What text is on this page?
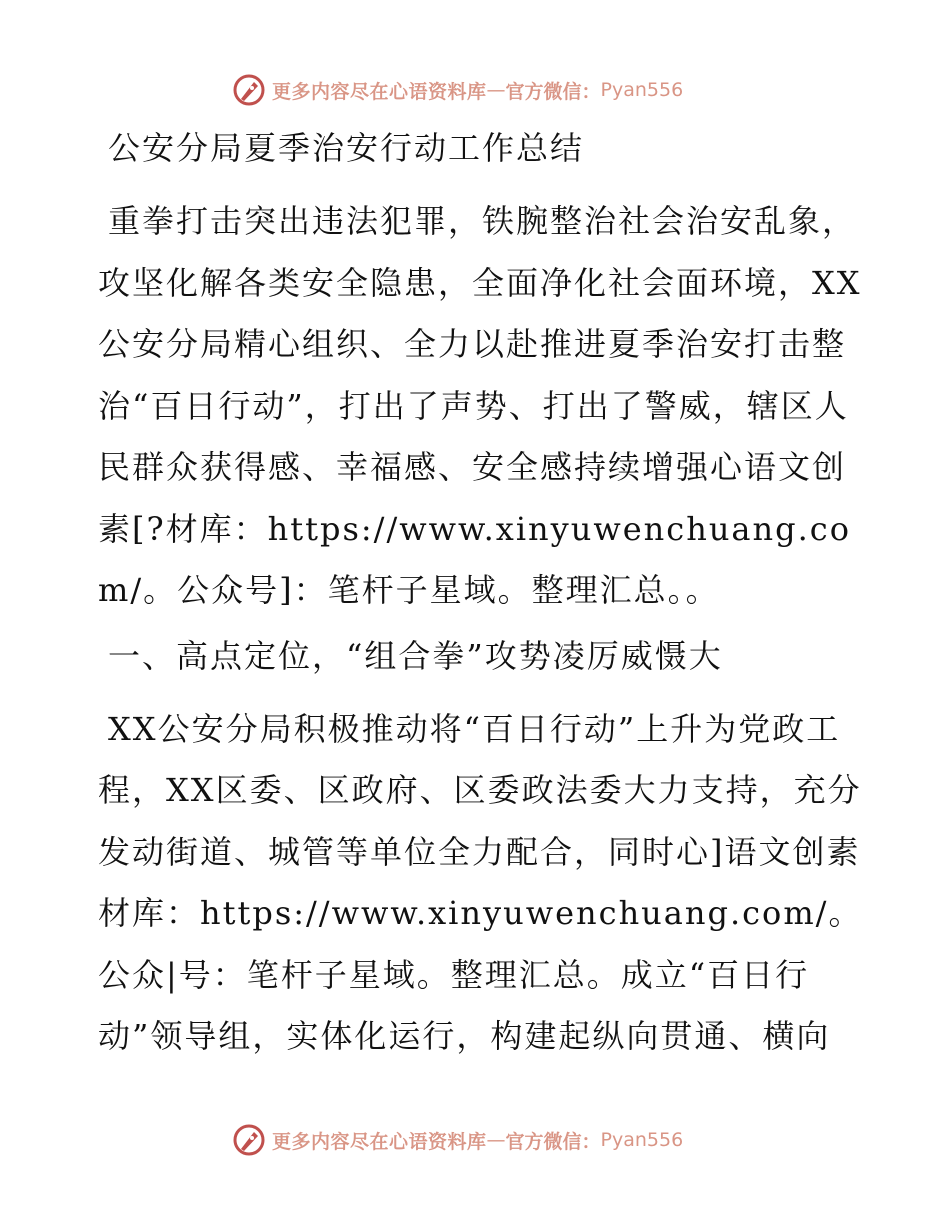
更多内容尽在心语资料库 — 官方微信： Pyan556
公安分局夏季治安行动工作总结
重拳打击突出违法犯罪，铁腕整治社会治安乱象，攻坚化解各类安全隐患，全面净化社会面环境，XX公安分局精心组织、全力以赴推进夏季治安打击整治“百日行动”，打出了声势、打出了警威，辖区人民群众获得感、幸福感、安全感持续增强心语文创素[?材库：https://www.xinyuwenchuang.com/。公众号]：笔杆子星域。整理汇总。。
一、高点定位，“组合拳”攻势凌厉威慑大
XX公安分局积极推动将“百日行动”上升为党政工程，XX区委、区政府、区委政法委大力支持，充分发动街道、城管等单位全力配合，同时心]语文创素材库：https://www.xinyuwenchuang.com/。公众|号：笔杆子星域。整理汇总。成立“百日行动”领导组，实体化运行，构建起纵向贯通、横向
更多内容尽在心语资料库 — 官方微信： Pyan556
